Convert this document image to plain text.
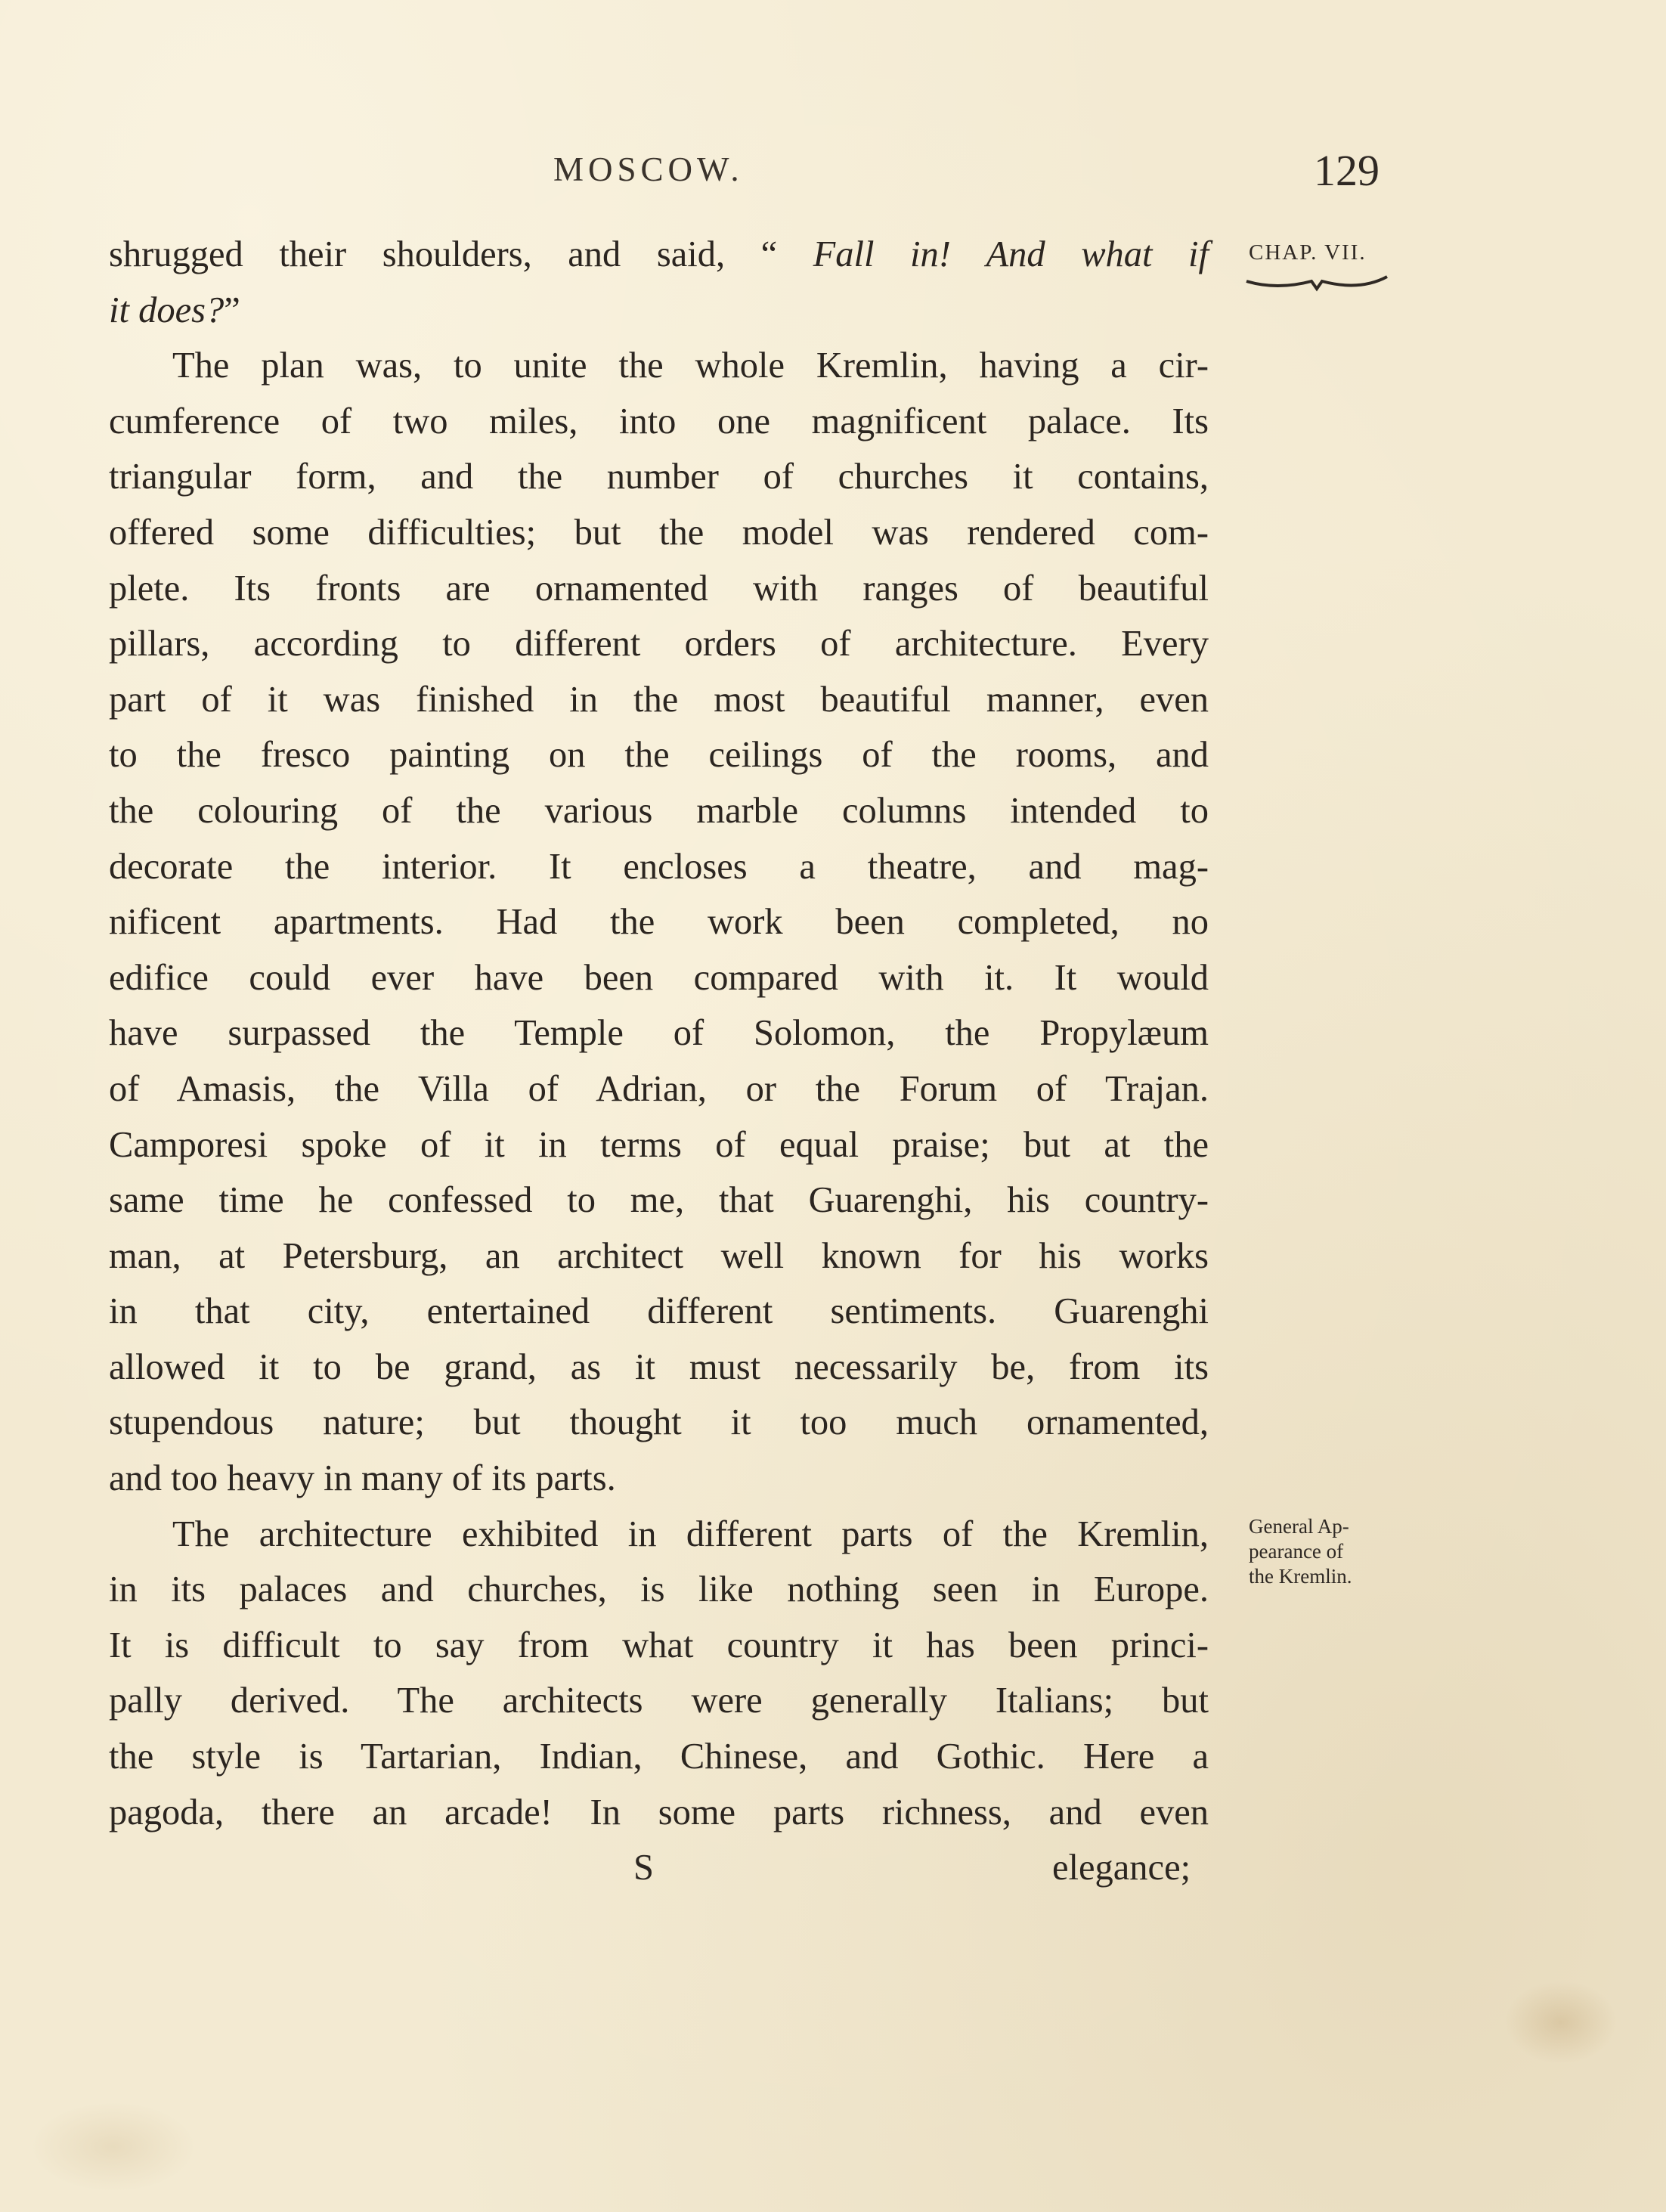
MOSCOW.	129
CHAP. VII.
shrugged their shoulders, and said, “ Fall in! And what if
it does?”
The plan was, to unite the whole Kremlin, having a cir-
cumference of two miles, into one magnificent palace. Its
triangular form, and the number of churches it contains,
offered some difficulties; but the model was rendered com-
plete. Its fronts are ornamented with ranges of beautiful
pillars, according to different orders of architecture. Every
part of it was finished in the most beautiful manner, even
to the fresco painting on the ceilings of the rooms, and
the colouring of the various marble columns intended to
decorate the interior. It encloses a theatre, and mag-
nificent apartments. Had the work been completed, no
edifice could ever have been compared with it. It would
have surpassed the Temple of Solomon, the Propylæum
of Amasis, the Villa of Adrian, or the Forum of Trajan.
Camporesi spoke of it in terms of equal praise; but at the
same time he confessed to me, that Guarenghi, his country-
man, at Petersburg, an architect well known for his works
in that city, entertained different sentiments. Guarenghi
allowed it to be grand, as it must necessarily be, from its
stupendous nature; but thought it too much ornamented,
and too heavy in many of its parts.
The architecture exhibited in different parts of the Kremlin,
in its palaces and churches, is like nothing seen in Europe.
It is difficult to say from what country it has been princi-
pally derived. The architects were generally Italians; but
the style is Tartarian, Indian, Chinese, and Gothic. Here a
pagoda, there an arcade! In some parts richness, and even
S	elegance;
General Ap-
pearance of
the Kremlin.
